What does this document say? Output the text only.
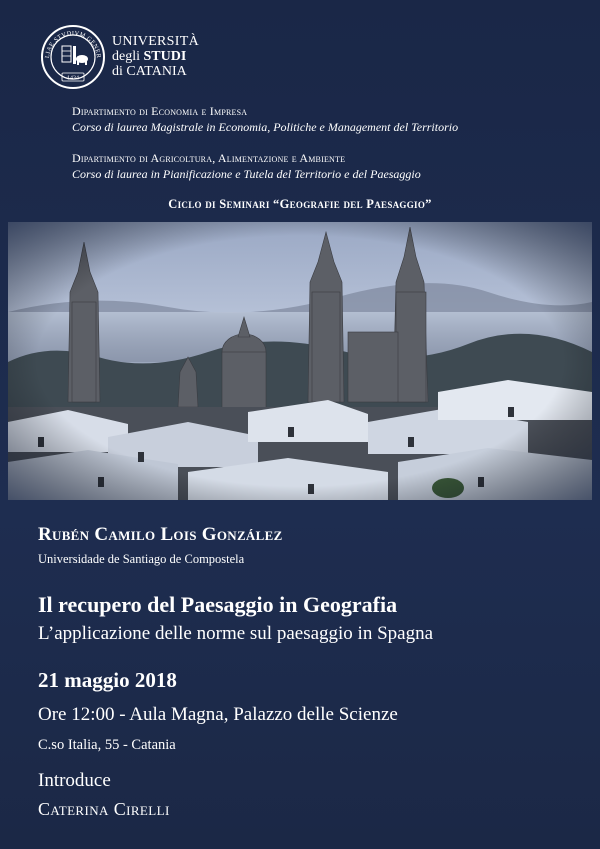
LIAE STVDIVM GENER
1434
UNIVERSITÀ
degli STUDI
di CATANIA
Dipartimento di Economia e Impresa
Corso di laurea Magistrale in Economia, Politiche e Management del Territorio
Dipartimento di Agricoltura, Alimentazione e Ambiente
Corso di laurea in Pianificazione e Tutela del Territorio e del Paesaggio
Ciclo di Seminari “Geografie del Paesaggio”
Rubén Camilo Lois González
Universidade de Santiago de Compostela
Il recupero del Paesaggio in Geografia
L’applicazione delle norme sul paesaggio in Spagna
21 maggio 2018
Ore 12:00 - Aula Magna, Palazzo delle Scienze
C.so Italia, 55 - Catania
Introduce
Caterina Cirelli
